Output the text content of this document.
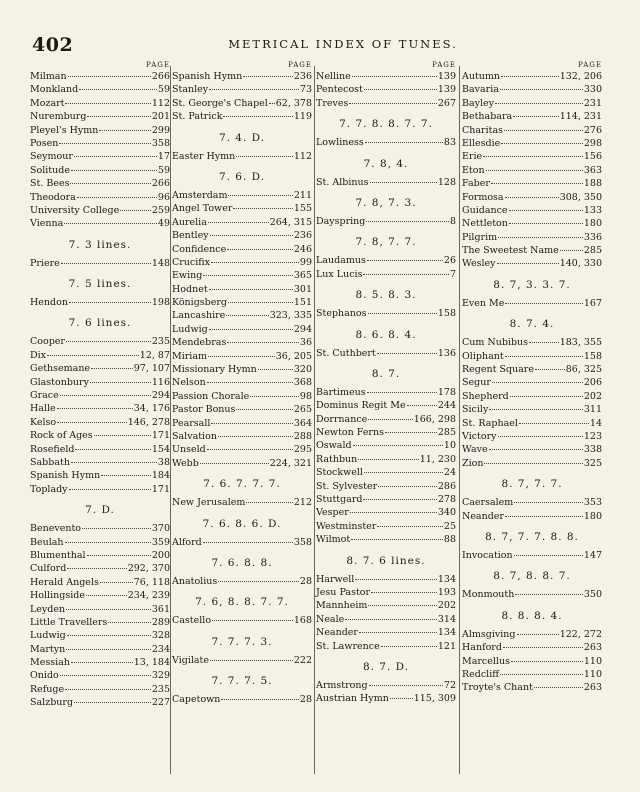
402	METRICAL INDEX OF TUNES.
PAGE
Milman	266
Monkland	59
Mozart	112
Nuremburg	201
Pleyel's Hymn	299
Posen	358
Seymour	17
Solitude	59
St. Bees	266
Theodora	96
University College	259
Vienna	49
7. 3 lines.
Priere	148
7. 5 lines.
Hendon	198
7. 6 lines.
Cooper	235
Dix	12, 87
Gethsemane	97, 107
Glastonbury	116
Grace	294
Halle	34, 176
Kelso	146, 278
Rock of Ages	171
Rosefield	154
Sabbath	38
Spanish Hymn	184
Toplady	171
7. D.
Benevento	370
Beulah	359
Blumenthal	200
Culford	292, 370
Herald Angels	76, 118
Hollingside	234, 239
Leyden	361
Little Travellers	289
Ludwig	328
Martyn	234
Messiah	13, 184
Onido	329
Refuge	235
Salzburg	227
PAGE
Spanish Hymn	236
Stanley	73
St. George's Chapel 62, 378
St. Patrick	119
7. 4. D.
Easter Hymn	112
7. 6. D.
Amsterdam	211
Angel Tower	155
Aurelia	264, 315
Bentley	236
Confidence	246
Crucifix	99
Ewing	365
Hodnet	301
Königsberg	151
Lancashire	323, 335
Ludwig	294
Mendebras	36
Miriam	36, 205
Missionary Hymn	320
Nelson	368
Passion Chorale	98
Pastor Bonus	265
Pearsall	364
Salvation	288
Unseld	295
Webb	224, 321
7. 6. 7. 7. 7.
New Jerusalem	212
7. 6. 8. 6. D.
Alford	358
7. 6. 8. 8.
Anatolius	28
7. 6, 8. 8. 7. 7.
Castello	168
7. 7. 7. 3.
Vigilate	222
7. 7. 7. 5.
Capetown	28
PAGE
Nelline	139
Pentecost	139
Treves	267
7. 7. 8. 8. 7. 7.
Lowliness	83
7. 8, 4.
St. Albinus	128
7. 8, 7. 3.
Dayspring	8
7. 8, 7. 7.
Laudamus	26
Lux Lucis	7
8. 5. 8. 3.
Stephanos	158
8. 6. 8. 4.
St. Cuthbert	136
8. 7.
Bartimeus	178
Dominus Regit Me	244
Dorrnance	166, 298
Newton Ferns	285
Oswald	10
Rathbun	11, 230
Stockwell	24
St. Sylvester	286
Stuttgard	278
Vesper	340
Westminster	25
Wilmot	88
8. 7. 6 lines.
Harwell	134
Jesu Pastor	193
Mannheim	202
Neale	314
Neander	134
St. Lawrence	121
8. 7. D.
Armstrong	72
Austrian Hymn	115, 309
PAGE
Autumn	132, 206
Bavaria	330
Bayley	231
Bethabara	114, 231
Charitas	276
Ellesdie	298
Erie	156
Eton	363
Faber	188
Formosa	308, 350
Guidance	133
Nettleton	180
Pilgrim	336
The Sweetest Name	285
Wesley	140, 330
8. 7, 3. 3. 7.
Even Me	167
8. 7. 4.
Cum Nubibus	183, 355
Oliphant	158
Regent Square	86, 325
Segur	206
Shepherd	202
Sicily	311
St. Raphael	14
Victory	123
Wave	338
Zion	325
8. 7, 7. 7.
Caersalem	353
Neander	180
8. 7, 7. 7. 8. 8.
Invocation	147
8. 7, 8. 8. 7.
Monmouth	350
8. 8. 8. 4.
Almsgiving	122, 272
Hanford	263
Marcellus	110
Redcliff	110
Troyte's Chant	263
